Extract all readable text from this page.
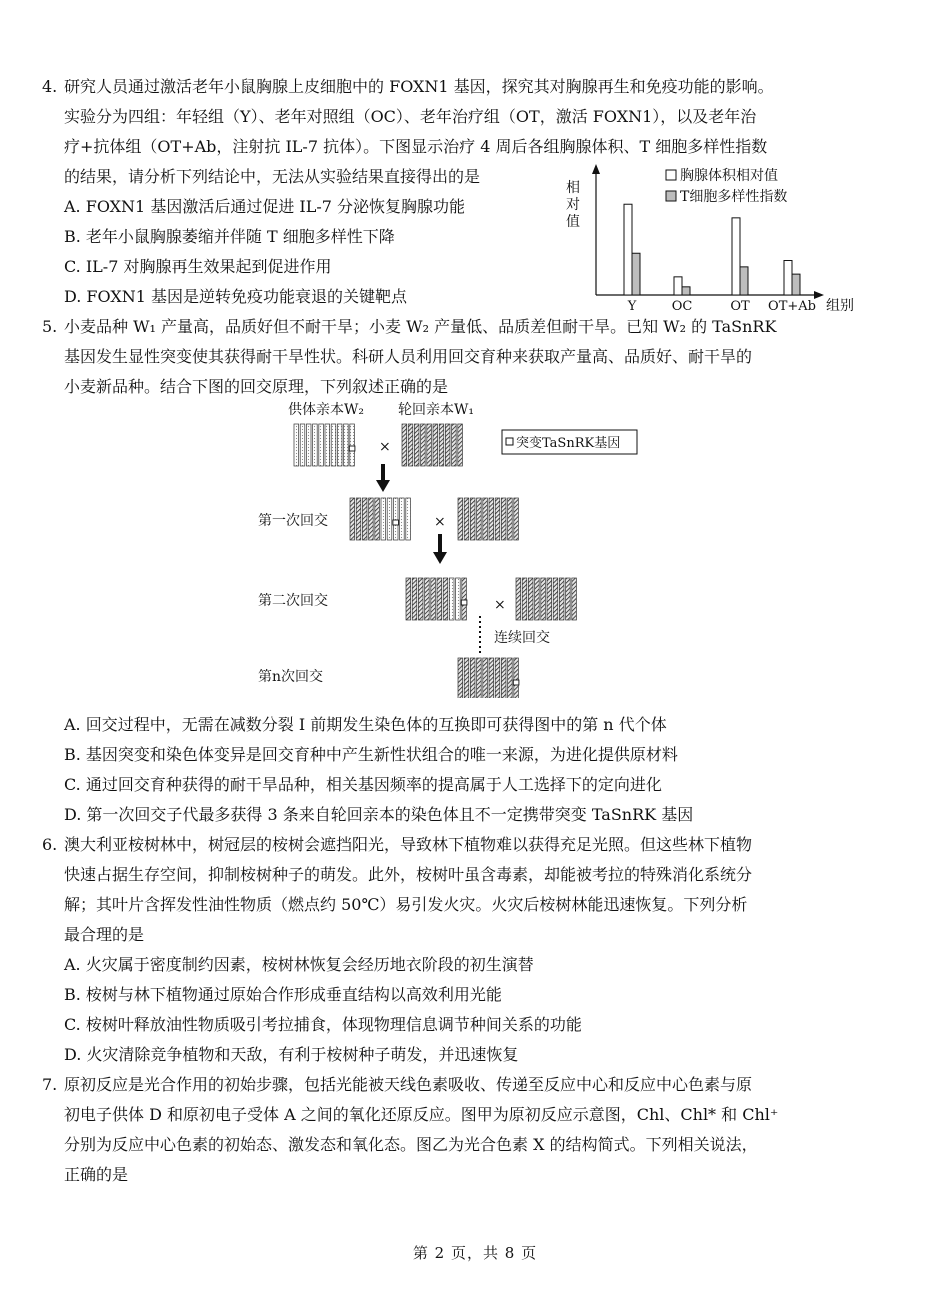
4. 研究人员通过激活老年小鼠胸腺上皮细胞中的 FOXN1 基因，探究其对胸腺再生和免疫功能的影响。

实验分为四组：年轻组（Y）、老年对照组（OC）、老年治疗组（OT，激活 FOXN1），以及老年治

疗+抗体组（OT+Ab，注射抗 IL-7 抗体）。下图显示治疗 4 周后各组胸腺体积、T 细胞多样性指数

的结果，请分析下列结论中，无法从实验结果直接得出的是

A. FOXN1 基因激活后通过促进 IL-7 分泌恢复胸腺功能

B. 老年小鼠胸腺萎缩并伴随 T 细胞多样性下降

C. IL-7 对胸腺再生效果起到促进作用

D. FOXN1 基因是逆转免疫功能衰退的关键靶点

相对值
组别
Y	OC	OT OT+Ab
胸腺体积相对值
T细胞多样性指数

5. 小麦品种 W₁ 产量高，品质好但不耐干旱；小麦 W₂ 产量低、品质差但耐干旱。已知 W₂ 的 TaSnRK

基因发生显性突变使其获得耐干旱性状。科研人员利用回交育种来获取产量高、品质好、耐干旱的

小麦新品种。结合下图的回交原理，下列叙述正确的是

供体亲本W₂ 轮回亲本W₁
突变TaSnRK基因
第一次回交
第二次回交
第n次回交
连续回交
×
×
×

A. 回交过程中，无需在减数分裂 I 前期发生染色体的互换即可获得图中的第 n 代个体

B. 基因突变和染色体变异是回交育种中产生新性状组合的唯一来源，为进化提供原材料

C. 通过回交育种获得的耐干旱品种，相关基因频率的提高属于人工选择下的定向进化

D. 第一次回交子代最多获得 3 条来自轮回亲本的染色体且不一定携带突变 TaSnRK 基因

6. 澳大利亚桉树林中，树冠层的桉树会遮挡阳光，导致林下植物难以获得充足光照。但这些林下植物

快速占据生存空间，抑制桉树种子的萌发。此外，桉树叶虽含毒素，却能被考拉的特殊消化系统分

解；其叶片含挥发性油性物质（燃点约 50℃）易引发火灾。火灾后桉树林能迅速恢复。下列分析

最合理的是

A. 火灾属于密度制约因素，桉树林恢复会经历地衣阶段的初生演替

B. 桉树与林下植物通过原始合作形成垂直结构以高效利用光能

C. 桉树叶释放油性物质吸引考拉捕食，体现物理信息调节种间关系的功能

D. 火灾清除竞争植物和天敌，有利于桉树种子萌发，并迅速恢复

7. 原初反应是光合作用的初始步骤，包括光能被天线色素吸收、传递至反应中心和反应中心色素与原

初电子供体 D 和原初电子受体 A 之间的氧化还原反应。图甲为原初反应示意图，Chl、Chl* 和 Chl⁺

分别为反应中心色素的初始态、激发态和氧化态。图乙为光合色素 X 的结构简式。下列相关说法，

正确的是

第 2 页，共 8 页
